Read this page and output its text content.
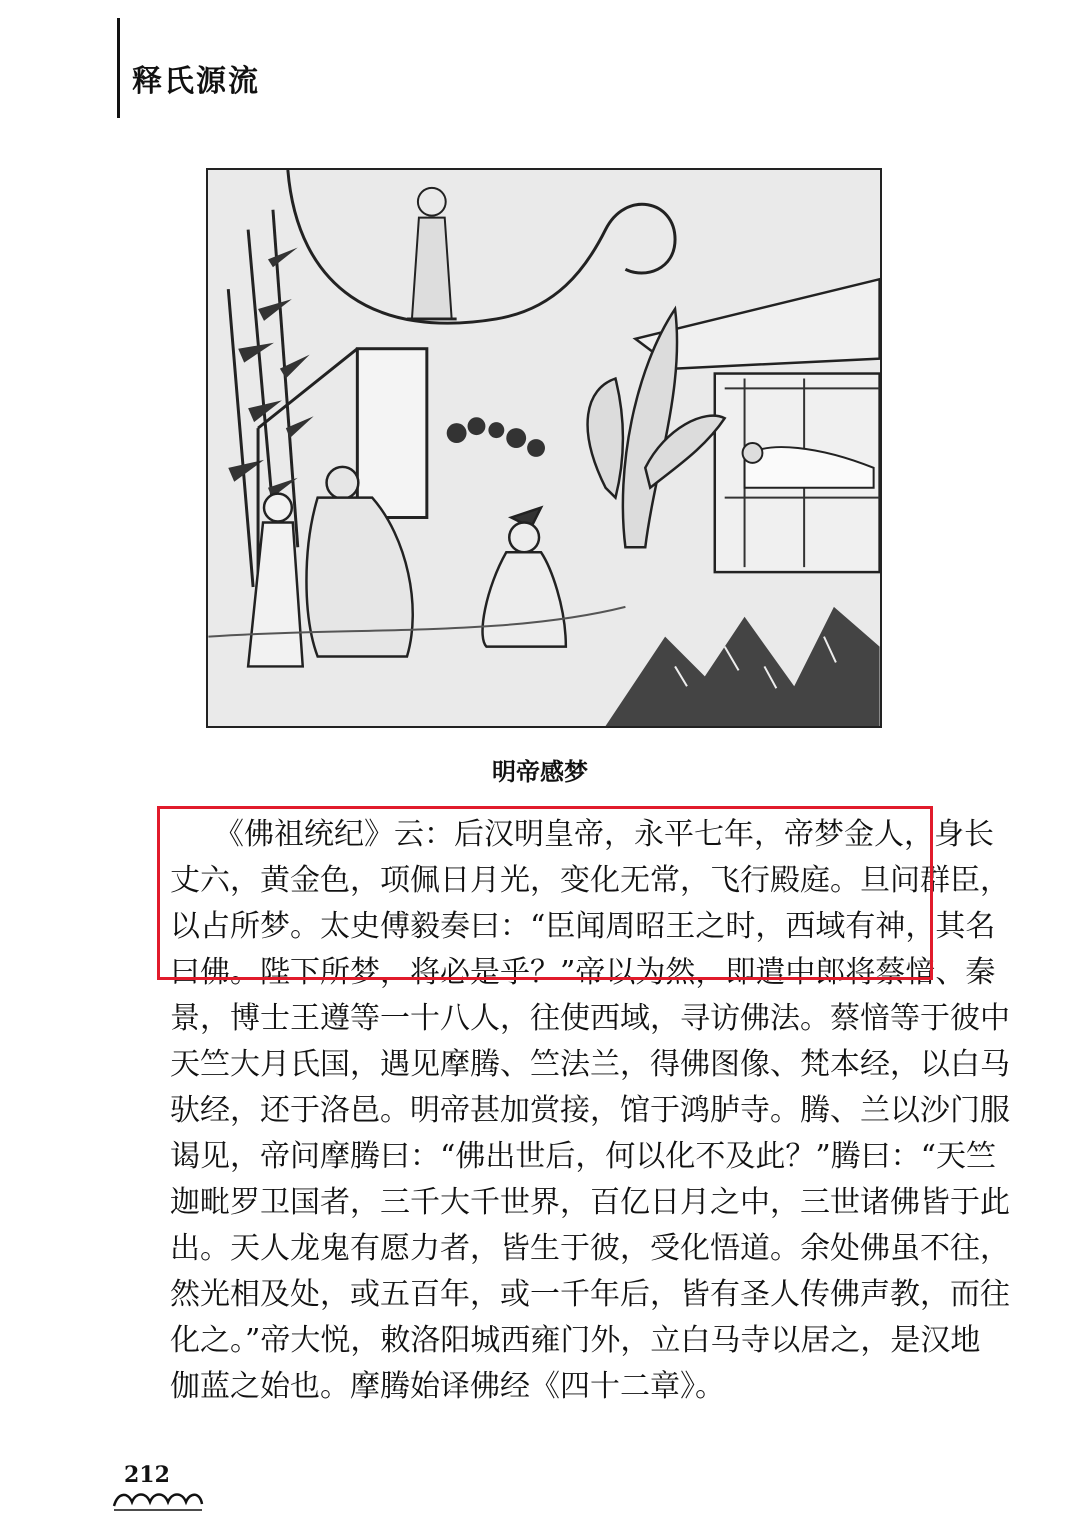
释氏源流
明帝感梦
《佛祖统纪》云：后汉明皇帝，永平七年，帝梦金人，身长
丈六，黄金色，项佩日月光，变化无常，飞行殿庭。旦问群臣，
以占所梦。太史傅毅奏曰：“臣闻周昭王之时，西域有神，其名
曰佛。陛下所梦，将必是乎？”帝以为然，即遣中郎将蔡愔、秦
景，博士王遵等一十八人，往使西域，寻访佛法。蔡愔等于彼中
天竺大月氏国，遇见摩腾、竺法兰，得佛图像、梵本经，以白马
驮经，还于洛邑。明帝甚加赏接，馆于鸿胪寺。腾、兰以沙门服
谒见，帝问摩腾曰：“佛出世后，何以化不及此？”腾曰：“天竺
迦毗罗卫国者，三千大千世界，百亿日月之中，三世诸佛皆于此
出。天人龙鬼有愿力者，皆生于彼，受化悟道。余处佛虽不往，
然光相及处，或五百年，或一千年后，皆有圣人传佛声教，而往
化之。”帝大悦，敕洛阳城西雍门外，立白马寺以居之，是汉地
伽蓝之始也。摩腾始译佛经《四十二章》。
212
